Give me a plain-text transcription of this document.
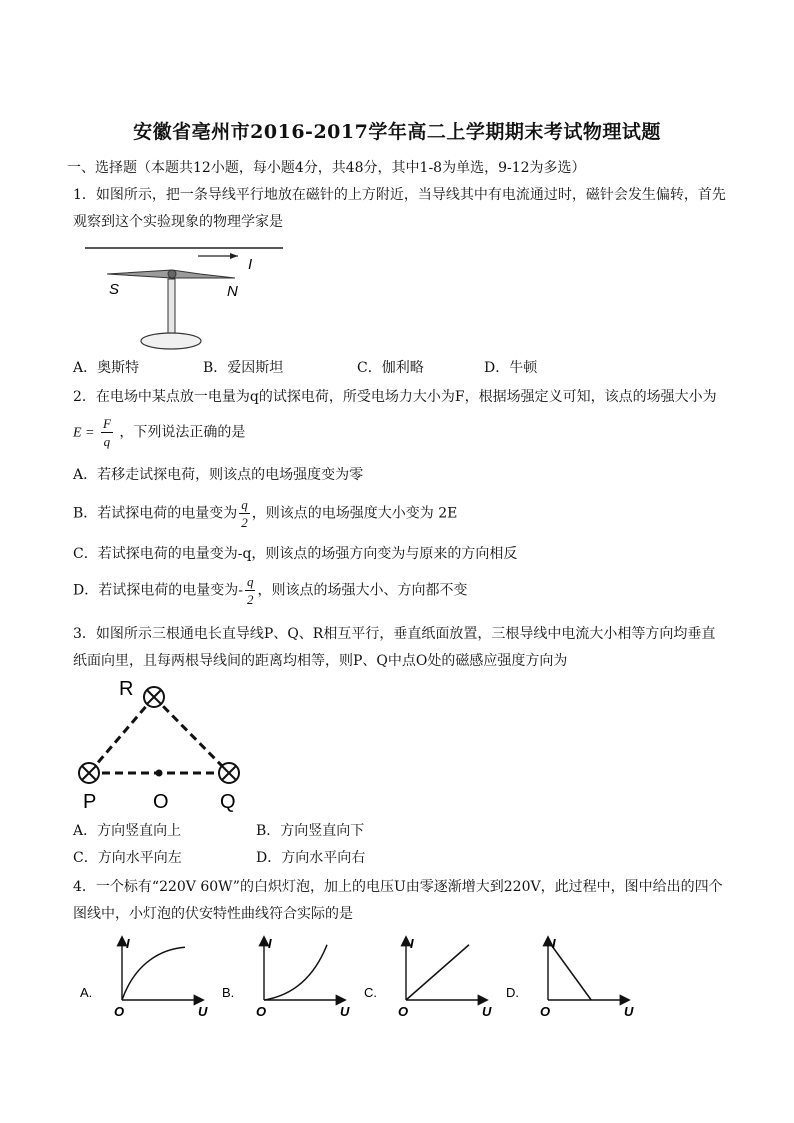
安徽省亳州市2016-2017学年高二上学期期末考试物理试题
一、选择题（本题共12小题，每小题4分，共48分，其中1-8为单选，9-12为多选）
1．如图所示，把一条导线平行地放在磁针的上方附近，当导线其中有电流通过时，磁针会发生偏转，首先
观察到这个实验现象的物理学家是
I
S	N
A．奥斯特	B．爱因斯坦	C．伽利略	D．牛顿
2．在电场中某点放一电量为q的试探电荷，所受电场力大小为F，根据场强定义可知，该点的场强大小为
$E = \frac{F}{q}$ ，下列说法正确的是
A．若移走试探电荷，则该点的电场强度变为零
B．若试探电荷的电量变为 $\frac{q}{2}$ ，则该点的电场强度大小变为 2E
C．若试探电荷的电量变为-q，则该点的场强方向变为与原来的方向相反
D．若试探电荷的电量变为- $\frac{q}{2}$ ，则该点的场强大小、方向都不变
3．如图所示三根通电长直导线P、Q、R相互平行，垂直纸面放置，三根导线中电流大小相等方向均垂直
纸面向里，且每两根导线间的距离均相等，则P、Q中点O处的磁感应强度方向为
R
P	O	Q
A．方向竖直向上	B．方向竖直向下
C．方向水平向左	D．方向水平向右
4．一个标有“220V 60W”的白炽灯泡，加上的电压U由零逐渐增大到220V，此过程中，图中给出的四个
图线中，小灯泡的伏安特性曲线符合实际的是
A.
I
O	U
B.
I
O	U
C.
I
O	U
D.
I
O	U
